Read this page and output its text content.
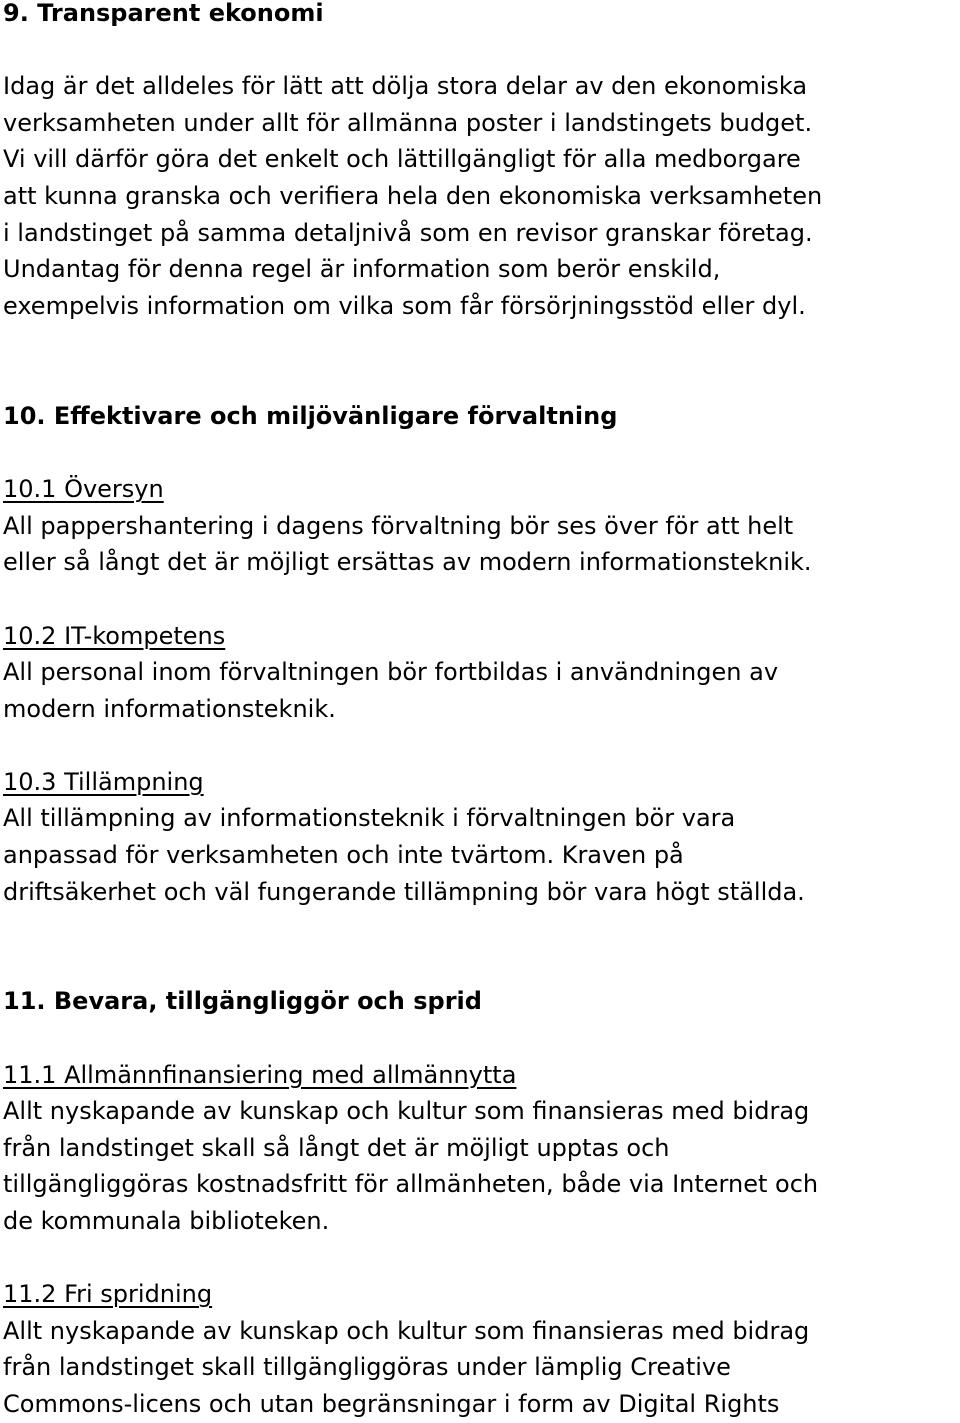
9. Transparent ekonomi
Idag är det alldeles för lätt att dölja stora delar av den ekonomiska
verksamheten under allt för allmänna poster i landstingets budget.
Vi vill därför göra det enkelt och lättillgängligt för alla medborgare
att kunna granska och verifiera hela den ekonomiska verksamheten
i landstinget på samma detaljnivå som en revisor granskar företag.
Undantag för denna regel är information som berör enskild,
exempelvis information om vilka som får försörjningsstöd eller dyl.
10. Effektivare och miljövänligare förvaltning
10.1 Översyn
All pappershantering i dagens förvaltning bör ses över för att helt
eller så långt det är möjligt ersättas av modern informationsteknik.
10.2 IT-kompetens
All personal inom förvaltningen bör fortbildas i användningen av
modern informationsteknik.
10.3 Tillämpning
All tillämpning av informationsteknik i förvaltningen bör vara
anpassad för verksamheten och inte tvärtom. Kraven på
driftsäkerhet och väl fungerande tillämpning bör vara högt ställda.
11. Bevara, tillgängliggör och sprid
11.1 Allmännfinansiering med allmännytta
Allt nyskapande av kunskap och kultur som finansieras med bidrag
från landstinget skall så långt det är möjligt upptas och
tillgängliggöras kostnadsfritt för allmänheten, både via Internet och
de kommunala biblioteken.
11.2 Fri spridning
Allt nyskapande av kunskap och kultur som finansieras med bidrag
från landstinget skall tillgängliggöras under lämplig Creative
Commons-licens och utan begränsningar i form av Digital Rights
